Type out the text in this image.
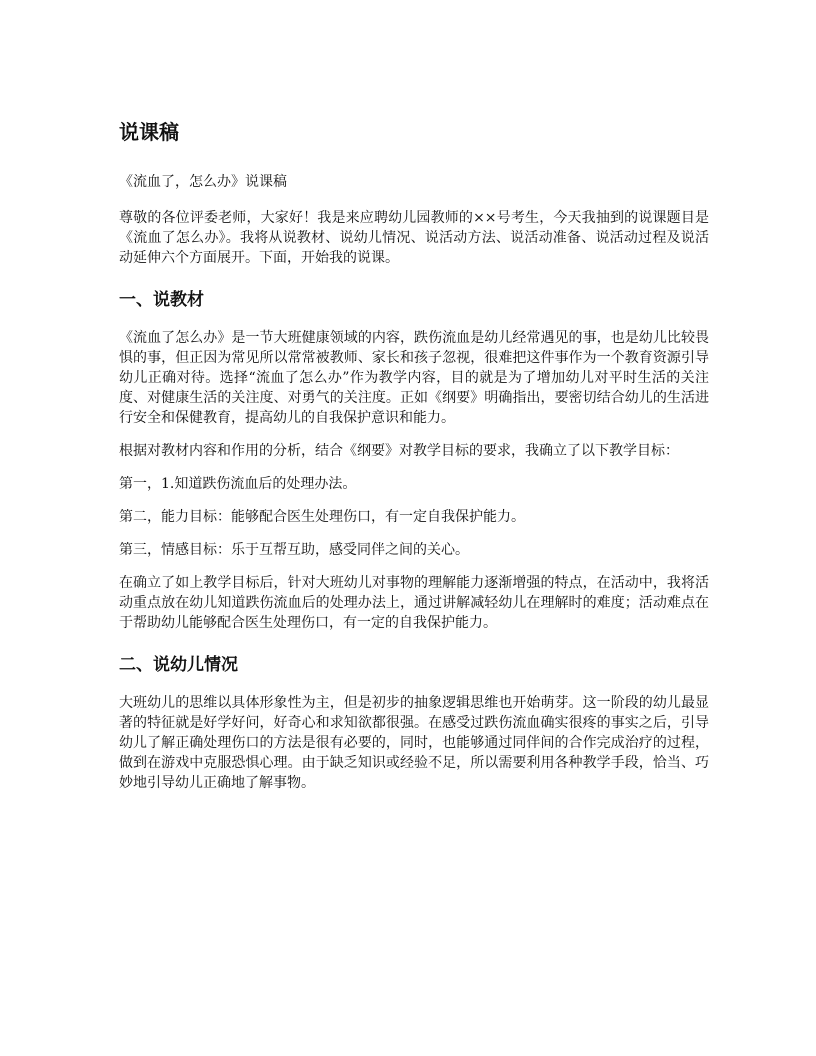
说课稿

《流血了，怎么办》说课稿

尊敬的各位评委老师，大家好！我是来应聘幼儿园教师的××号考生，今天我抽到的说课题目是《流血了怎么办》。我将从说教材、说幼儿情况、说活动方法、说活动准备、说活动过程及说活动延伸六个方面展开。下面，开始我的说课。

一、说教材

《流血了怎么办》是一节大班健康领域的内容，跌伤流血是幼儿经常遇见的事，也是幼儿比较畏惧的事，但正因为常见所以常常被教师、家长和孩子忽视，很难把这件事作为一个教育资源引导幼儿正确对待。选择“流血了怎么办”作为教学内容，目的就是为了增加幼儿对平时生活的关注度、对健康生活的关注度、对勇气的关注度。正如《纲要》明确指出，要密切结合幼儿的生活进行安全和保健教育，提高幼儿的自我保护意识和能力。

根据对教材内容和作用的分析，结合《纲要》对教学目标的要求，我确立了以下教学目标：

第一，1.知道跌伤流血后的处理办法。

第二，能力目标：能够配合医生处理伤口，有一定自我保护能力。

第三，情感目标：乐于互帮互助，感受同伴之间的关心。

在确立了如上教学目标后，针对大班幼儿对事物的理解能力逐渐增强的特点，在活动中，我将活动重点放在幼儿知道跌伤流血后的处理办法上，通过讲解减轻幼儿在理解时的难度；活动难点在于帮助幼儿能够配合医生处理伤口，有一定的自我保护能力。

二、说幼儿情况

大班幼儿的思维以具体形象性为主，但是初步的抽象逻辑思维也开始萌芽。这一阶段的幼儿最显著的特征就是好学好问，好奇心和求知欲都很强。在感受过跌伤流血确实很疼的事实之后，引导幼儿了解正确处理伤口的方法是很有必要的，同时，也能够通过同伴间的合作完成治疗的过程，做到在游戏中克服恐惧心理。由于缺乏知识或经验不足，所以需要利用各种教学手段，恰当、巧妙地引导幼儿正确地了解事物。
